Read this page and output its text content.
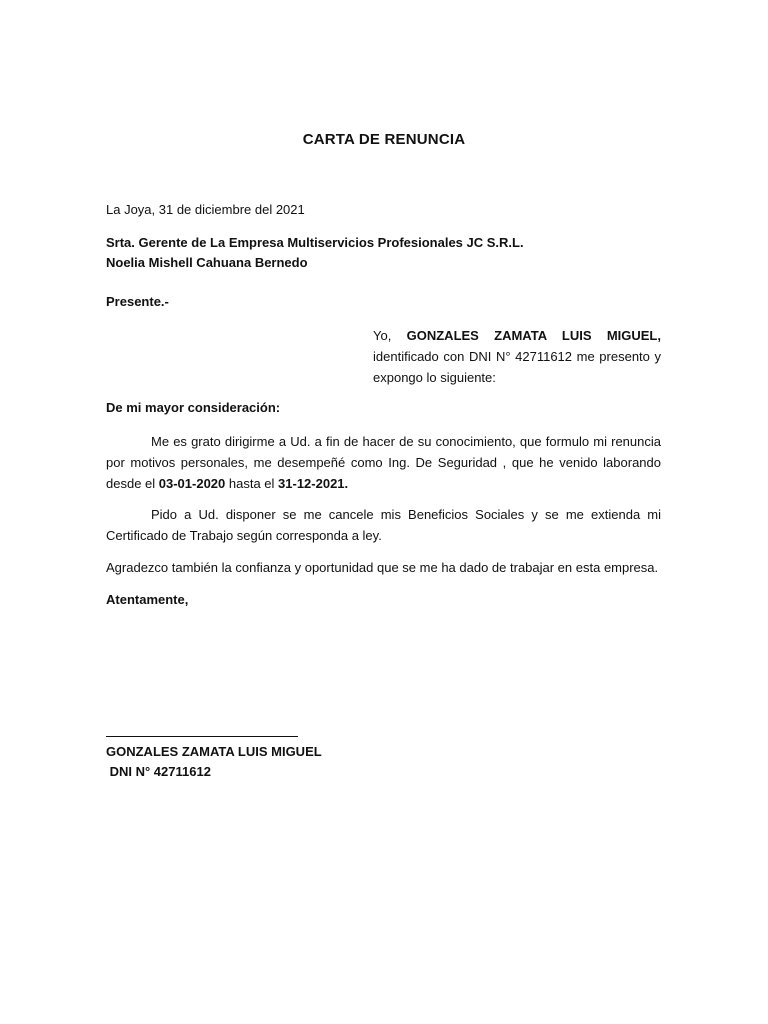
CARTA DE RENUNCIA
La Joya, 31 de diciembre del 2021
Srta. Gerente de La Empresa Multiservicios Profesionales JC S.R.L.
Noelia Mishell Cahuana Bernedo
Presente.-
Yo, GONZALES ZAMATA LUIS MIGUEL, identificado con DNI N° 42711612 me presento y expongo lo siguiente:
De mi mayor consideración:
Me es grato dirigirme a Ud. a fin de hacer de su conocimiento, que formulo mi renuncia por motivos personales, me desempeñé como Ing. De Seguridad , que he venido laborando desde el 03-01-2020 hasta el 31-12-2021.
Pido a Ud. disponer se me cancele mis Beneficios Sociales y se me extienda mi Certificado de Trabajo según corresponda a ley.
Agradezco también la confianza y oportunidad que se me ha dado de trabajar en esta empresa.
Atentamente,
GONZALES ZAMATA LUIS MIGUEL
DNI N° 42711612
